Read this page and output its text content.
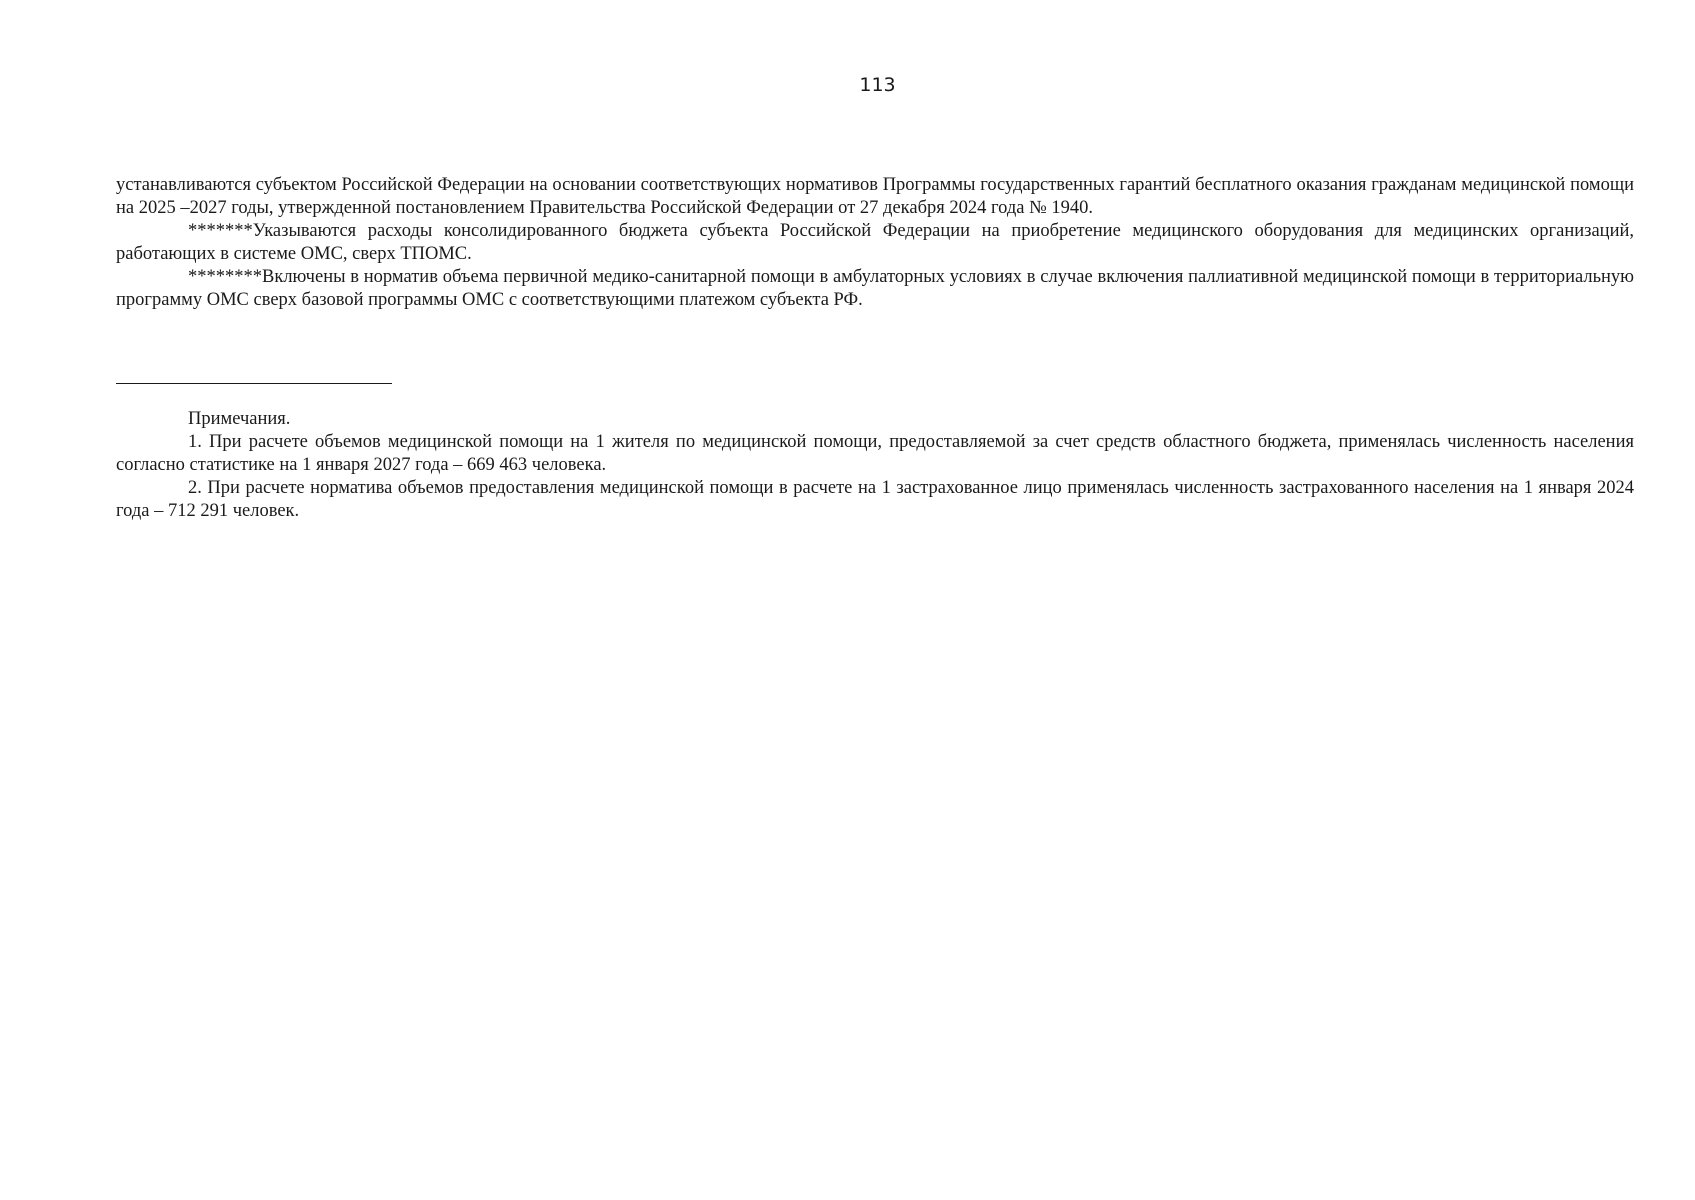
113

устанавливаются субъектом Российской Федерации на основании соответствующих нормативов Программы государственных гарантий бесплатного оказания гражданам медицинской помощи на 2025 –2027 годы, утвержденной постановлением Правительства Российской Федерации от 27 декабря 2024 года № 1940.

*******Указываются расходы консолидированного бюджета субъекта Российской Федерации на приобретение медицинского оборудования для медицинских организаций, работающих в системе ОМС, сверх ТПОМС.

********Включены в норматив объема первичной медико-санитарной помощи в амбулаторных условиях в случае включения паллиативной медицинской помощи в территориальную программу ОМС сверх базовой программы ОМС с соответствующими платежом субъекта РФ.

Примечания.

1. При расчете объемов медицинской помощи на 1 жителя по медицинской помощи, предоставляемой за счет средств областного бюджета, применялась численность населения согласно статистике на 1 января 2027 года – 669 463 человека.

2. При расчете норматива объемов предоставления медицинской помощи в расчете на 1 застрахованное лицо применялась численность застрахованного населения на 1 января 2024 года – 712 291 человек.
